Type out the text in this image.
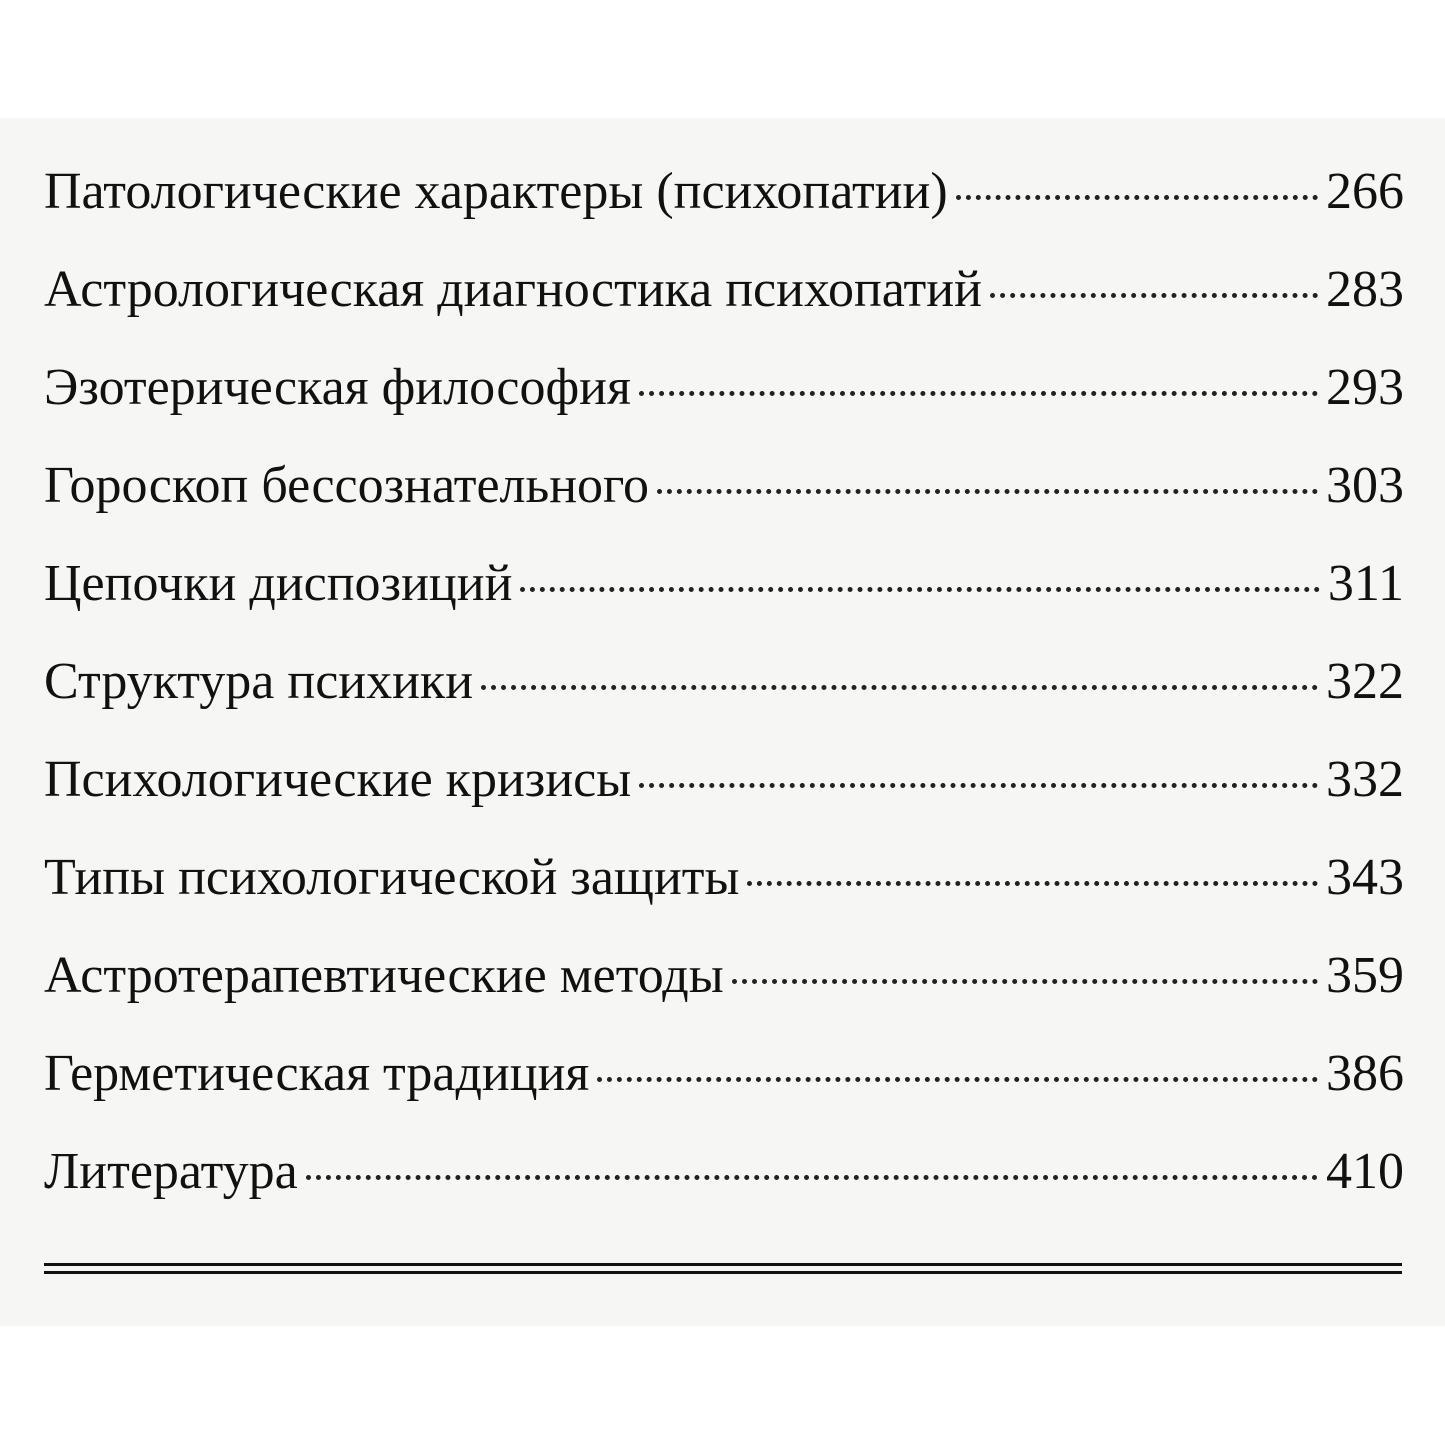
Патологические характеры (психопатии)	266
Астрологическая диагностика психопатий	283
Эзотерическая философия	293
Гороскоп бессознательного	303
Цепочки диспозиций	311
Структура психики	322
Психологические кризисы	332
Типы психологической защиты	343
Астротерапевтические методы	359
Герметическая традиция	386
Литература	410
